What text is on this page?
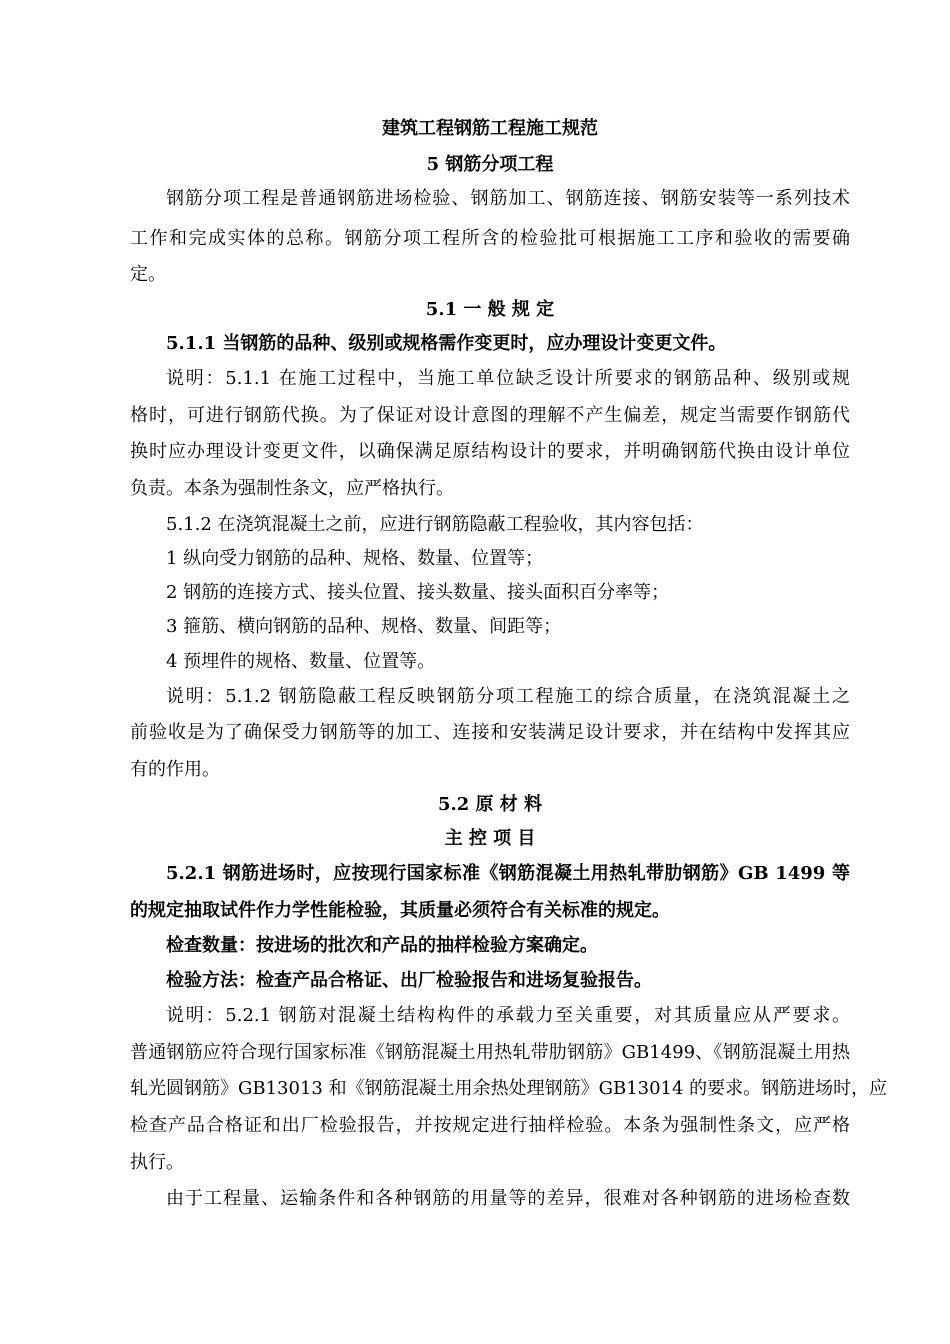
建筑工程钢筋工程施工规范
5 钢筋分项工程
钢筋分项工程是普通钢筋进场检验、钢筋加工、钢筋连接、钢筋安装等一系列技术
工作和完成实体的总称。钢筋分项工程所含的检验批可根据施工工序和验收的需要确
定。
5.1 一 般 规 定
5.1.1 当钢筋的品种、级别或规格需作变更时，应办理设计变更文件。
说明：5.1.1 在施工过程中，当施工单位缺乏设计所要求的钢筋品种、级别或规
格时，可进行钢筋代换。为了保证对设计意图的理解不产生偏差，规定当需要作钢筋代
换时应办理设计变更文件，以确保满足原结构设计的要求，并明确钢筋代换由设计单位
负责。本条为强制性条文，应严格执行。
5.1.2 在浇筑混凝土之前，应进行钢筋隐蔽工程验收，其内容包括：
1 纵向受力钢筋的品种、规格、数量、位置等；
2 钢筋的连接方式、接头位置、接头数量、接头面积百分率等；
3 箍筋、横向钢筋的品种、规格、数量、间距等；
4 预埋件的规格、数量、位置等。
说明：5.1.2 钢筋隐蔽工程反映钢筋分项工程施工的综合质量，在浇筑混凝土之
前验收是为了确保受力钢筋等的加工、连接和安装满足设计要求，并在结构中发挥其应
有的作用。
5.2 原 材 料
主 控 项 目
5.2.1 钢筋进场时，应按现行国家标准《钢筋混凝土用热轧带肋钢筋》GB 1499 等
的规定抽取试件作力学性能检验，其质量必须符合有关标准的规定。
检查数量：按进场的批次和产品的抽样检验方案确定。
检验方法：检查产品合格证、出厂检验报告和进场复验报告。
说明：5.2.1 钢筋对混凝土结构构件的承载力至关重要，对其质量应从严要求。
普通钢筋应符合现行国家标准《钢筋混凝土用热轧带肋钢筋》GB1499、《钢筋混凝土用热
轧光圆钢筋》GB13013 和《钢筋混凝土用余热处理钢筋》GB13014 的要求。钢筋进场时，应
检查产品合格证和出厂检验报告，并按规定进行抽样检验。本条为强制性条文，应严格
执行。
由于工程量、运输条件和各种钢筋的用量等的差异，很难对各种钢筋的进场检查数
